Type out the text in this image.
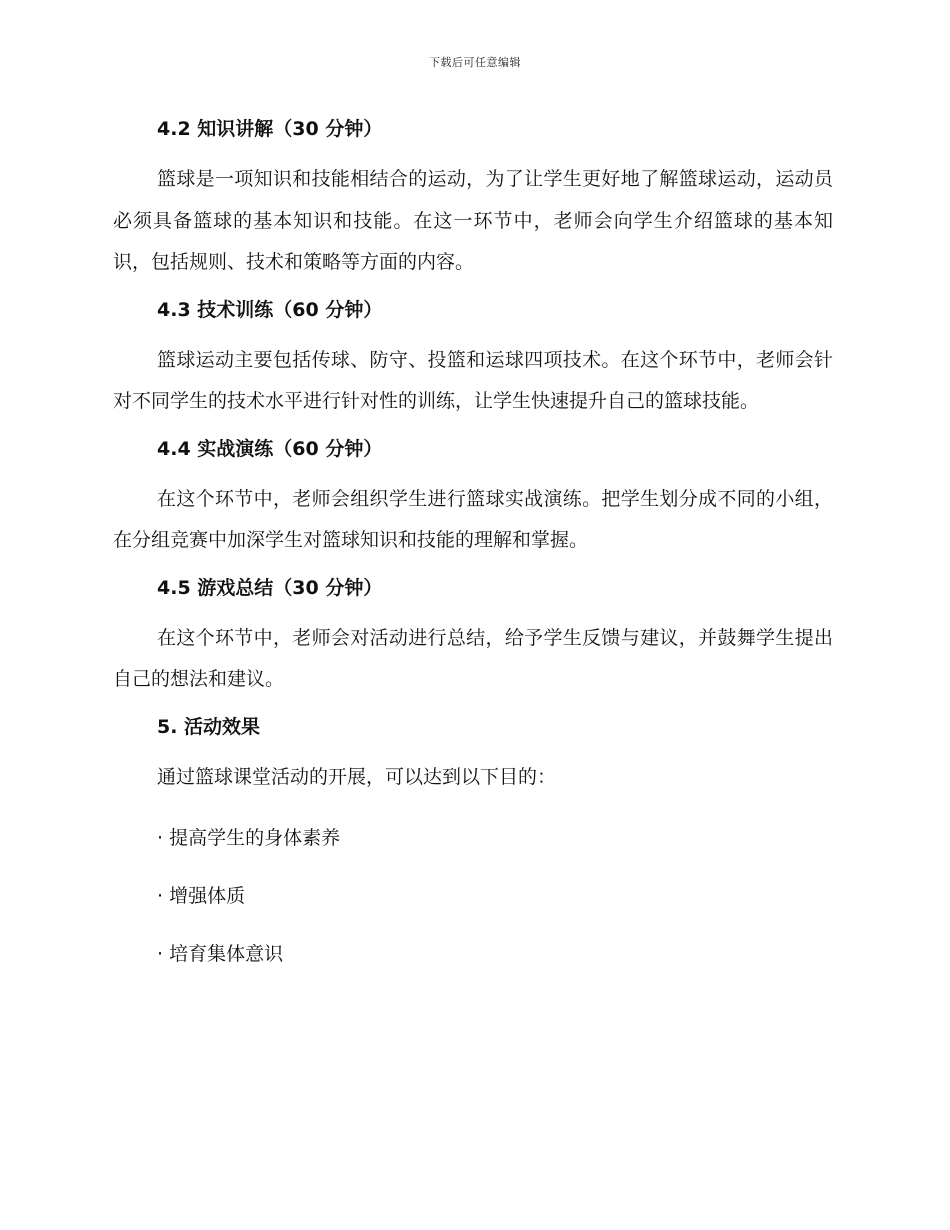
下载后可任意编辑
4.2 知识讲解（30 分钟）

篮球是一项知识和技能相结合的运动，为了让学生更好地了解篮球运动，运动员必须具备篮球的基本知识和技能。在这一环节中，老师会向学生介绍篮球的基本知识，包括规则、技术和策略等方面的内容。

4.3 技术训练（60 分钟）

篮球运动主要包括传球、防守、投篮和运球四项技术。在这个环节中，老师会针对不同学生的技术水平进行针对性的训练，让学生快速提升自己的篮球技能。

4.4 实战演练（60 分钟）

在这个环节中，老师会组织学生进行篮球实战演练。把学生划分成不同的小组，在分组竞赛中加深学生对篮球知识和技能的理解和掌握。

4.5 游戏总结（30 分钟）

在这个环节中，老师会对活动进行总结，给予学生反馈与建议，并鼓舞学生提出自己的想法和建议。

5. 活动效果

通过篮球课堂活动的开展，可以达到以下目的：

· 提高学生的身体素养
· 增强体质
· 培育集体意识
